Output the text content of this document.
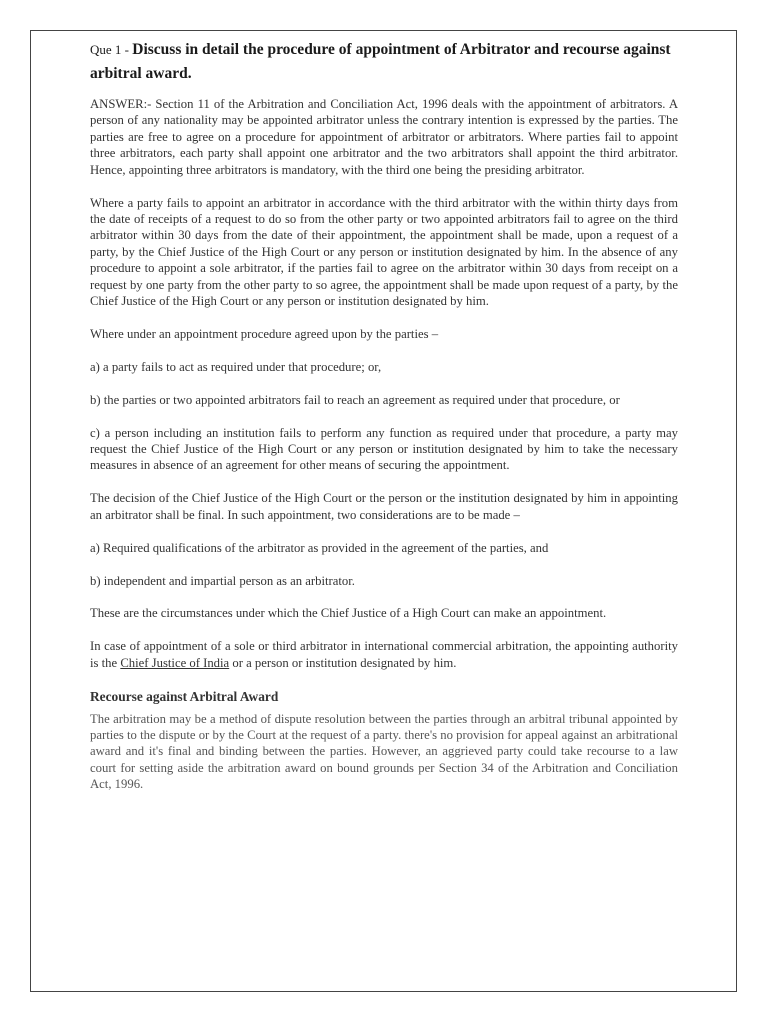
Que 1 - Discuss in detail the procedure of appointment of Arbitrator and recourse against arbitral award.

ANSWER:- Section 11 of the Arbitration and Conciliation Act, 1996 deals with the appointment of arbitrators. A person of any nationality may be appointed arbitrator unless the contrary intention is expressed by the parties. The parties are free to agree on a procedure for appointment of arbitrator or arbitrators. Where parties fail to appoint three arbitrators, each party shall appoint one arbitrator and the two arbitrators shall appoint the third arbitrator. Hence, appointing three arbitrators is mandatory, with the third one being the presiding arbitrator.

Where a party fails to appoint an arbitrator in accordance with the third arbitrator with the within thirty days from the date of receipts of a request to do so from the other party or two appointed arbitrators fail to agree on the third arbitrator within 30 days from the date of their appointment, the appointment shall be made, upon a request of a party, by the Chief Justice of the High Court or any person or institution designated by him. In the absence of any procedure to appoint a sole arbitrator, if the parties fail to agree on the arbitrator within 30 days from receipt on a request by one party from the other party to so agree, the appointment shall be made upon request of a party, by the Chief Justice of the High Court or any person or institution designated by him.

Where under an appointment procedure agreed upon by the parties –

a) a party fails to act as required under that procedure; or,

b) the parties or two appointed arbitrators fail to reach an agreement as required under that procedure, or

c) a person including an institution fails to perform any function as required under that procedure, a party may request the Chief Justice of the High Court or any person or institution designated by him to take the necessary measures in absence of an agreement for other means of securing the appointment.

The decision of the Chief Justice of the High Court or the person or the institution designated by him in appointing an arbitrator shall be final. In such appointment, two considerations are to be made –

a) Required qualifications of the arbitrator as provided in the agreement of the parties, and

b) independent and impartial person as an arbitrator.

These are the circumstances under which the Chief Justice of a High Court can make an appointment.

In case of appointment of a sole or third arbitrator in international commercial arbitration, the appointing authority is the Chief Justice of India or a person or institution designated by him.

Recourse against Arbitral Award

The arbitration may be a method of dispute resolution between the parties through an arbitral tribunal appointed by parties to the dispute or by the Court at the request of a party. there's no provision for appeal against an arbitrational award and it's final and binding between the parties. However, an aggrieved party could take recourse to a law court for setting aside the arbitration award on bound grounds per Section 34 of the Arbitration and Conciliation Act, 1996.
